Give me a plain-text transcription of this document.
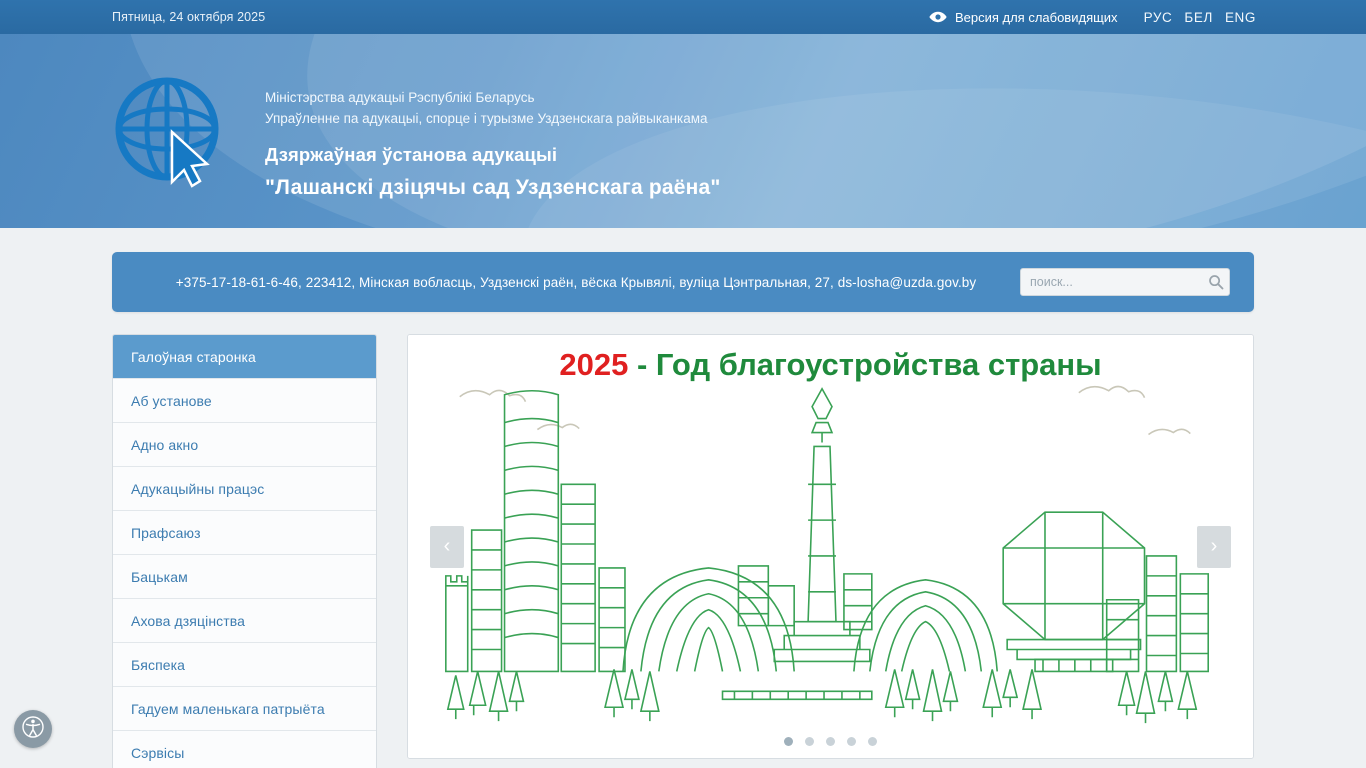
Пятница, 24 октября 2025	Версия для слабовидящих РУС БЕЛ ENG
Міністэрства адукацыі Рэспублікі Беларусь
Упраўленне па адукацыі, спорце і турызме Уздзенскага райвыканкама
Дзяржаўная ўстанова адукацыі
"Лашанскі дзіцячы сад Уздзенскага раёна"
+375-17-18-61-6-46, 223412, Мінская вобласць, Уздзенскі раён, вёска Крывялі, вуліца Цэнтральная, 27, ds-losha@uzda.gov.by
поиск...
Галоўная старонка
Аб установе
Адно акно
Адукацыйны працэс
Прафсаюз
Бацькам
Ахова дзяцінства
Бяспека
Гадуем маленькага патрыёта
Сэрвісы
2025 - Год благоустройства страны
‹	›
